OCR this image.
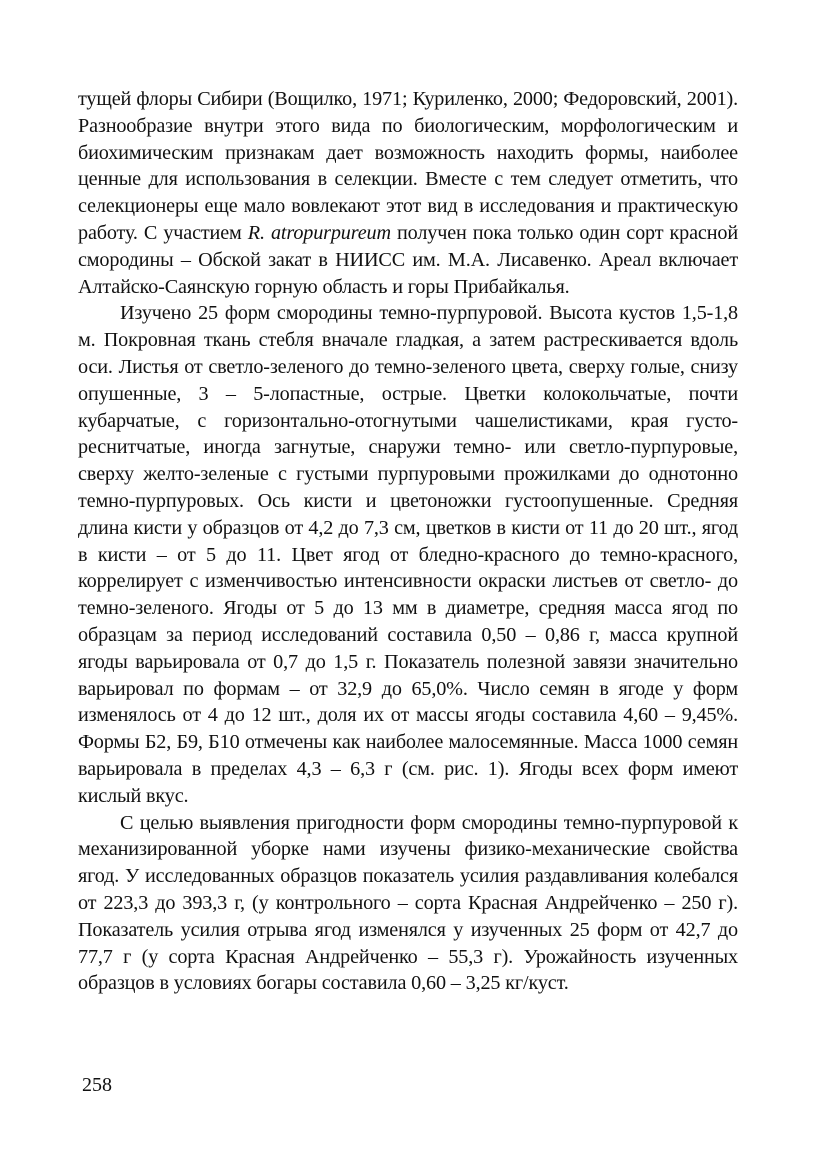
тущей флоры Сибири (Вощилко, 1971; Куриленко, 2000; Федоровский, 2001). Разнообразие внутри этого вида по биологическим, морфологическим и биохимическим признакам дает возможность находить формы, наиболее ценные для использования в селекции. Вместе с тем следует отметить, что селекционеры еще мало вовлекают этот вид в исследования и практическую работу. С участием R. atropurpureum получен пока только один сорт красной смородины – Обской закат в НИИСС им. М.А. Лисавенко. Ареал включает Алтайско-Саянскую горную область и горы Прибайкалья.

Изучено 25 форм смородины темно-пурпуровой. Высота кустов 1,5-1,8 м. Покровная ткань стебля вначале гладкая, а затем растрескивается вдоль оси. Листья от светло-зеленого до темно-зеленого цвета, сверху голые, снизу опушенные, 3 – 5-лопастные, острые. Цветки колокольчатые, почти кубарчатые, с горизонтально-отогнутыми чашелистиками, края густо-реснитчатые, иногда загнутые, снаружи темно- или светло-пурпуровые, сверху желто-зеленые с густыми пурпуровыми прожилками до однотонно темно-пурпуровых. Ось кисти и цветоножки густоопушенные. Средняя длина кисти у образцов от 4,2 до 7,3 см, цветков в кисти от 11 до 20 шт., ягод в кисти – от 5 до 11. Цвет ягод от бледно-красного до темно-красного, коррелирует с изменчивостью интенсивности окраски листьев от светло- до темно-зеленого. Ягоды от 5 до 13 мм в диаметре, средняя масса ягод по образцам за период исследований составила 0,50 – 0,86 г, масса крупной ягоды варьировала от 0,7 до 1,5 г. Показатель полезной завязи значительно варьировал по формам – от 32,9 до 65,0%. Число семян в ягоде у форм изменялось от 4 до 12 шт., доля их от массы ягоды составила 4,60 – 9,45%. Формы Б2, Б9, Б10 отмечены как наиболее малосемянные. Масса 1000 семян варьировала в пределах 4,3 – 6,3 г (см. рис. 1). Ягоды всех форм имеют кислый вкус.

С целью выявления пригодности форм смородины темно-пурпуровой к механизированной уборке нами изучены физико-механические свойства ягод. У исследованных образцов показатель усилия раздавливания колебался от 223,3 до 393,3 г, (у контрольного – сорта Красная Андрейченко – 250 г). Показатель усилия отрыва ягод изменялся у изученных 25 форм от 42,7 до 77,7 г (у сорта Красная Андрейченко – 55,3 г). Урожайность изученных образцов в условиях богары составила 0,60 – 3,25 кг/куст.

258
